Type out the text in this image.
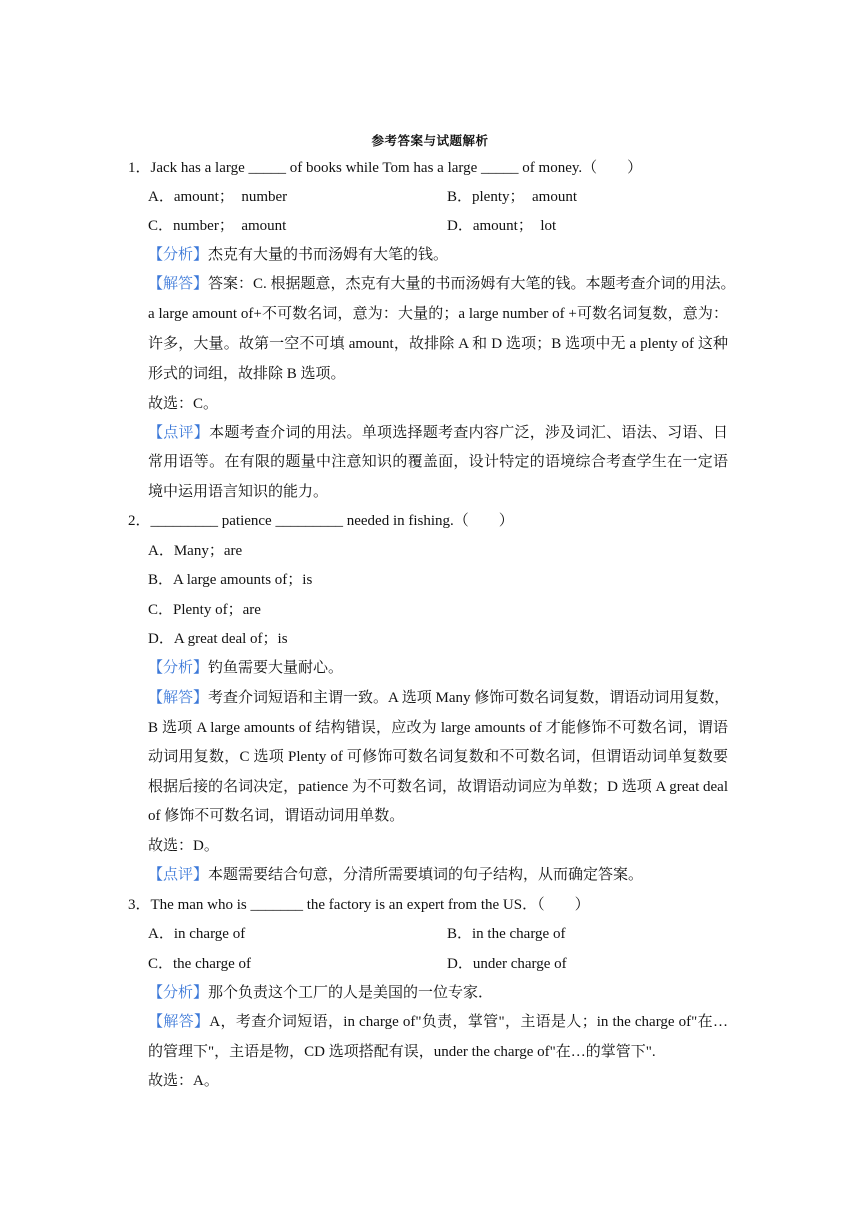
参考答案与试题解析
1．Jack has a large _____ of books while Tom has a large _____ of money.（　　）
A．amount；　number	B．plenty；　amount
C．number；　amount	D．amount；　lot
【分析】杰克有大量的书而汤姆有大笔的钱。
【解答】答案：C. 根据题意，杰克有大量的书而汤姆有大笔的钱。本题考查介词的用法。
a large amount of+不可数名词，意为：大量的；a large number of +可数名词复数，意为：
许多，大量。故第一空不可填 amount，故排除 A 和 D 选项；B 选项中无 a plenty of 这种
形式的词组，故排除 B 选项。
故选：C。
【点评】本题考查介词的用法。单项选择题考查内容广泛，涉及词汇、语法、习语、日
常用语等。在有限的题量中注意知识的覆盖面，设计特定的语境综合考查学生在一定语
境中运用语言知识的能力。
2．_________ patience _________ needed in fishing.（　　）
A．Many；are
B．A large amounts of；is
C．Plenty of；are
D．A great deal of；is
【分析】钓鱼需要大量耐心。
【解答】考查介词短语和主谓一致。A 选项 Many 修饰可数名词复数，谓语动词用复数，
B 选项 A large amounts of 结构错误，应改为 large amounts of 才能修饰不可数名词，谓语
动词用复数，C 选项 Plenty of 可修饰可数名词复数和不可数名词，但谓语动词单复数要
根据后接的名词决定，patience 为不可数名词，故谓语动词应为单数；D 选项 A great deal
of 修饰不可数名词，谓语动词用单数。
故选：D。
【点评】本题需要结合句意，分清所需要填词的句子结构，从而确定答案。
3．The man who is _______ the factory is an expert from the US．（　　）
A．in charge of	B．in the charge of
C．the charge of	D．under charge of
【分析】那个负责这个工厂的人是美国的一位专家．
【解答】A，考查介词短语，in charge of"负责，掌管"，主语是人；in the charge of"在…
的管理下"，主语是物，CD 选项搭配有误，under the charge of"在…的掌管下".
故选：A。
